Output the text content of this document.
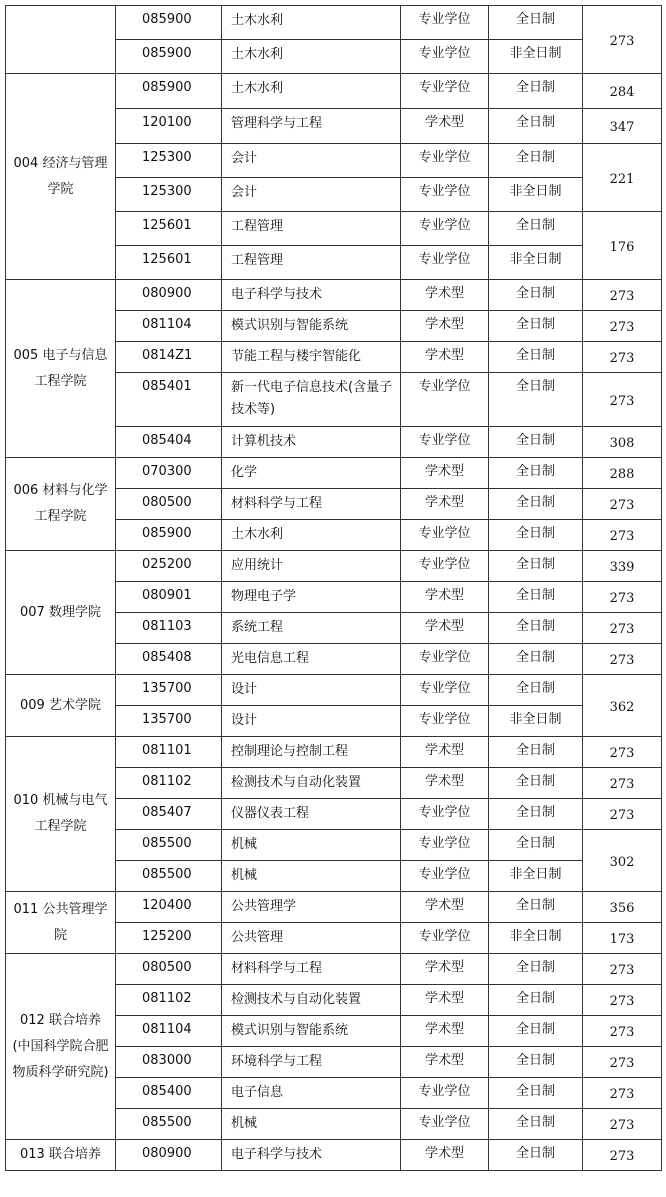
	085900	土木水利	专业学位	全日制	273
	085900	土木水利	专业学位	非全日制	
004 经济与管理学院	085900	土木水利	专业学位	全日制	284
	120100	管理科学与工程	学术型	全日制	347
	125300	会计	专业学位	全日制	221
	125300	会计	专业学位	非全日制	
	125601	工程管理	专业学位	全日制	176
	125601	工程管理	专业学位	非全日制	
005 电子与信息工程学院	080900	电子科学与技术	学术型	全日制	273
	081104	模式识别与智能系统	学术型	全日制	273
	0814Z1	节能工程与楼宇智能化	学术型	全日制	273
	085401	新一代电子信息技术(含量子技术等)	专业学位	全日制	273
	085404	计算机技术	专业学位	全日制	308
006 材料与化学工程学院	070300	化学	学术型	全日制	288
	080500	材料科学与工程	学术型	全日制	273
	085900	土木水利	专业学位	全日制	273
007 数理学院	025200	应用统计	专业学位	全日制	339
	080901	物理电子学	学术型	全日制	273
	081103	系统工程	学术型	全日制	273
	085408	光电信息工程	专业学位	全日制	273
009 艺术学院	135700	设计	专业学位	全日制	362
	135700	设计	专业学位	非全日制	
010 机械与电气工程学院	081101	控制理论与控制工程	学术型	全日制	273
	081102	检测技术与自动化装置	学术型	全日制	273
	085407	仪器仪表工程	专业学位	全日制	273
	085500	机械	专业学位	全日制	302
	085500	机械	专业学位	非全日制	
011 公共管理学院	120400	公共管理学	学术型	全日制	356
	125200	公共管理	专业学位	非全日制	173
012 联合培养(中国科学院合肥物质科学研究院)	080500	材料科学与工程	学术型	全日制	273
	081102	检测技术与自动化装置	学术型	全日制	273
	081104	模式识别与智能系统	学术型	全日制	273
	083000	环境科学与工程	学术型	全日制	273
	085400	电子信息	专业学位	全日制	273
	085500	机械	专业学位	全日制	273
013 联合培养	080900	电子科学与技术	学术型	全日制	273
